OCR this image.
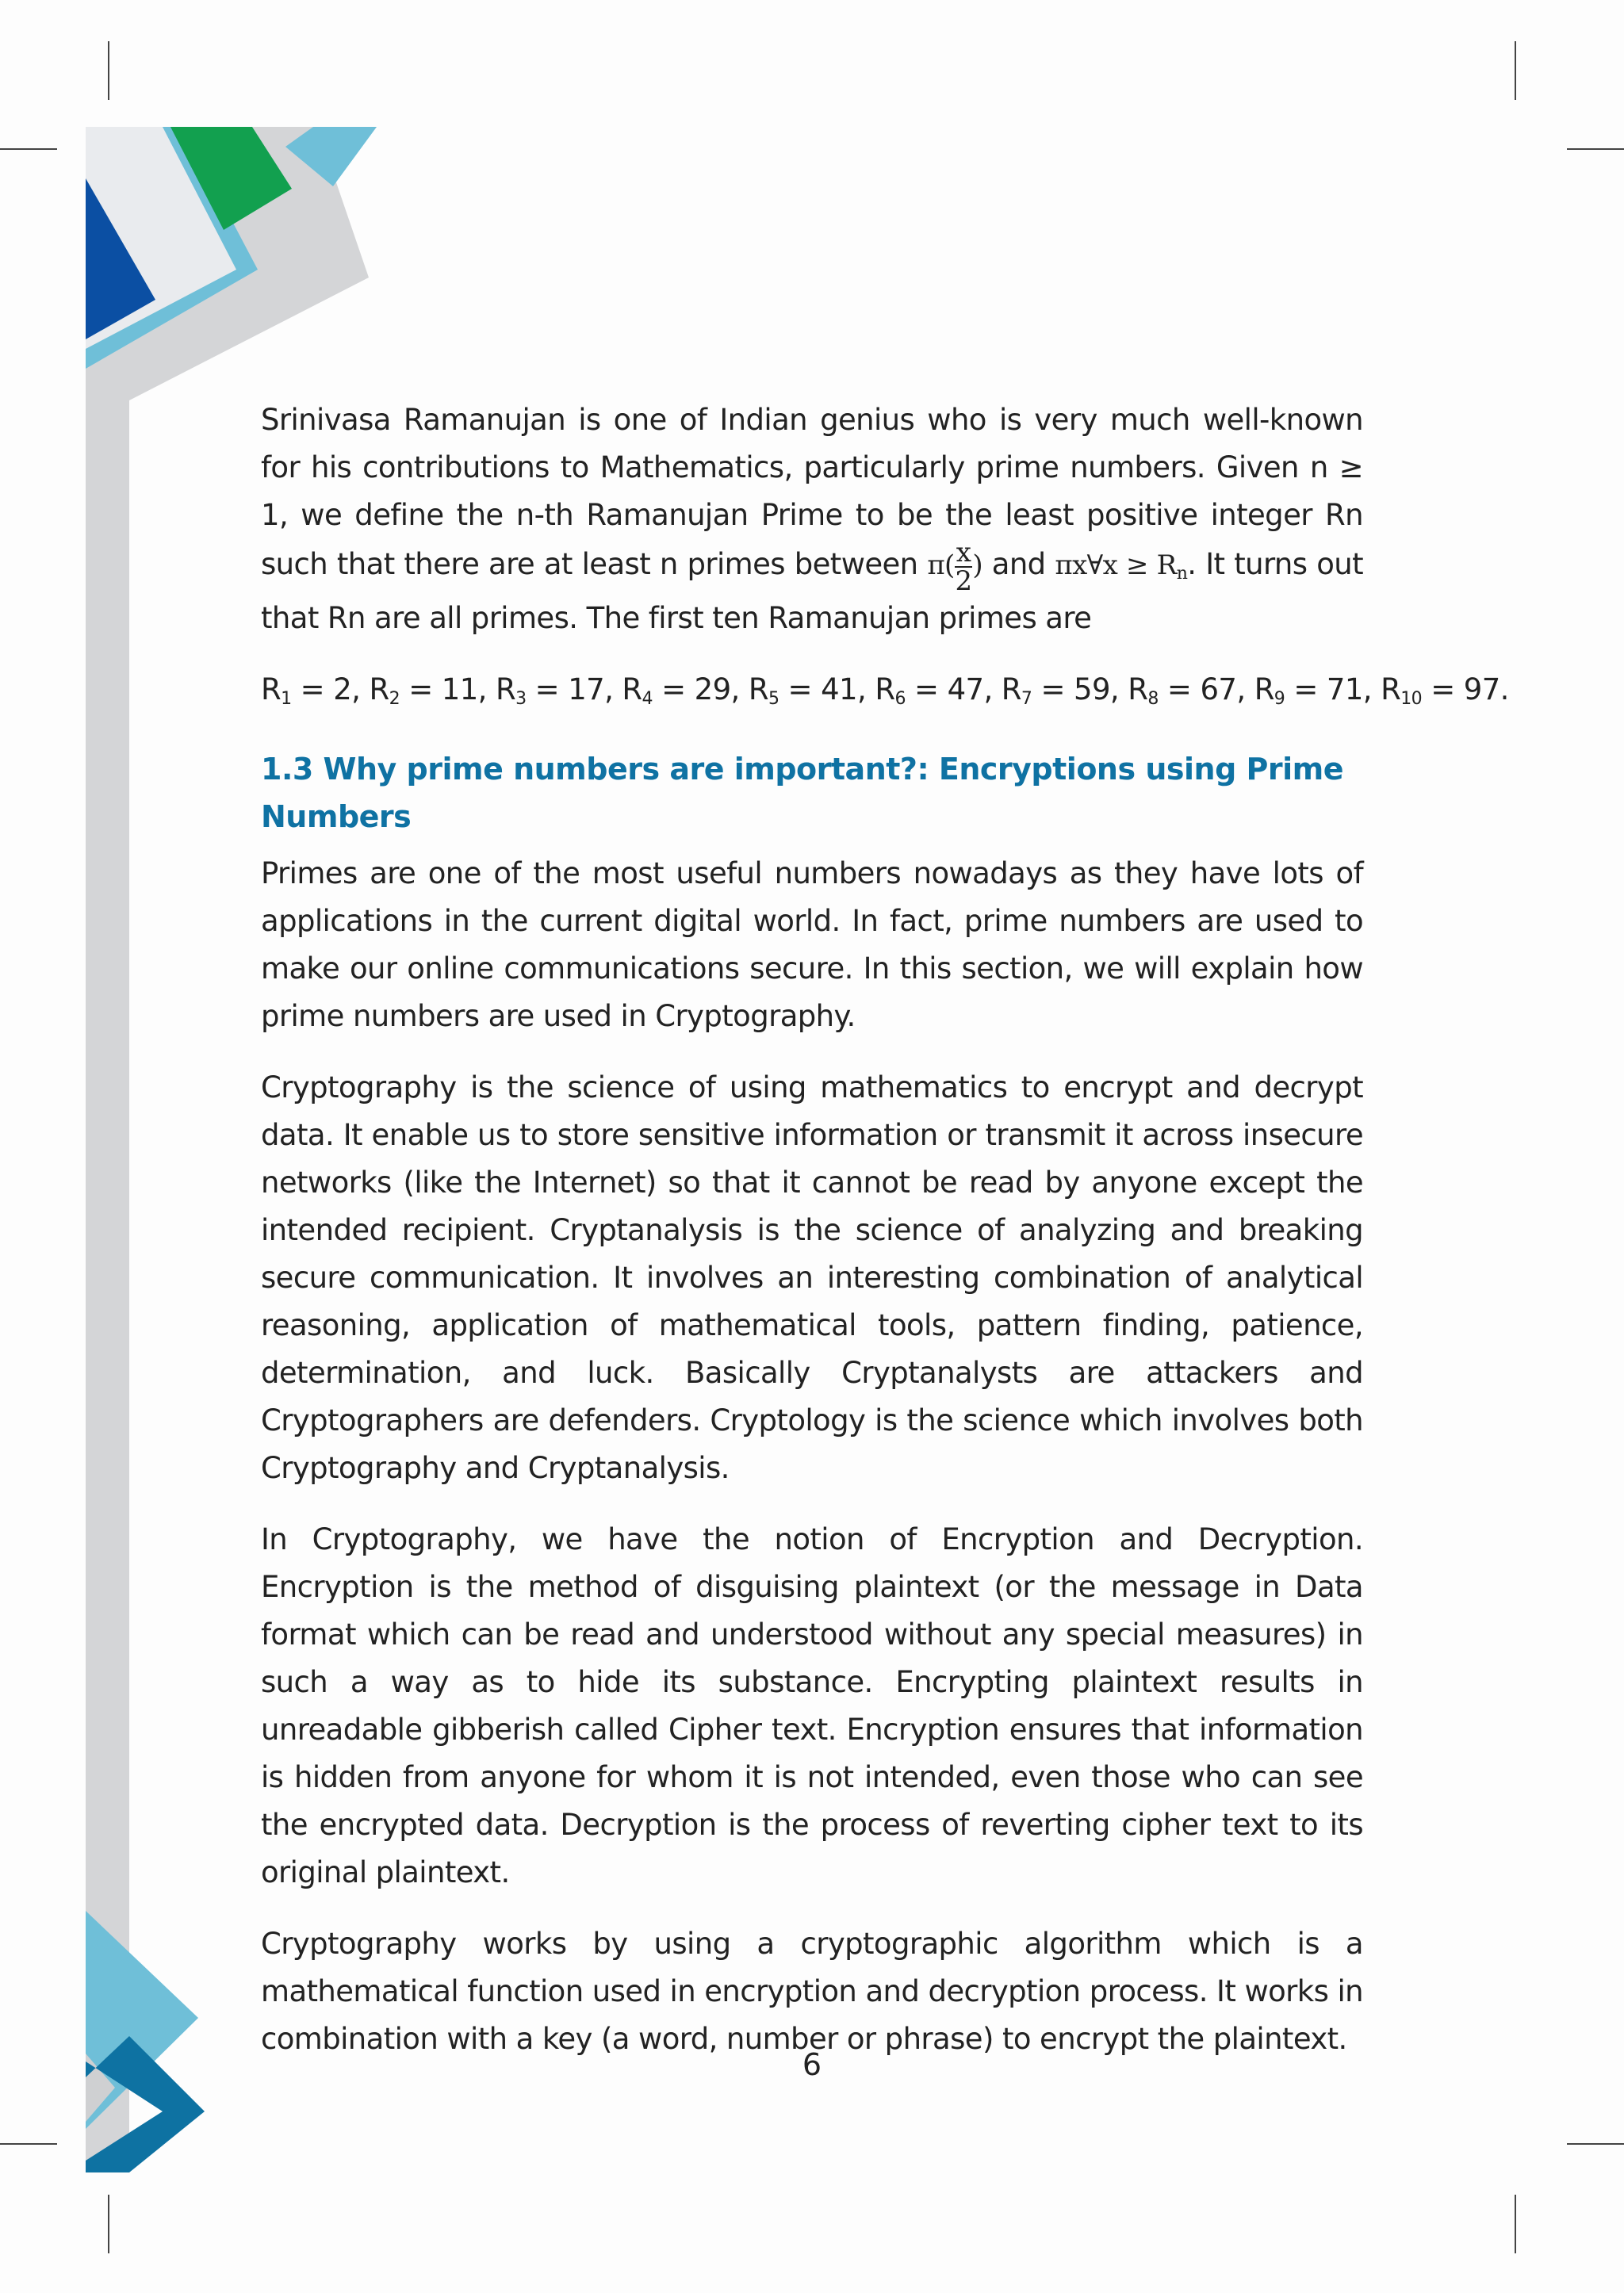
Srinivasa Ramanujan is one of Indian genius who is very much well-known for his contributions to Mathematics, particularly prime numbers. Given n ≥ 1, we define the n-th Ramanujan Prime to be the least positive integer Rn such that there are at least n primes between $\pi( \frac{x}{2}$ ) and πx∀x ≥ $R_n$. It turns out that Rn are all primes. The first ten Ramanujan primes are

$R_1 = 2$, $R_2 = 11$, $R_3 = 17$, $R_4 = 29$, $R_5 = 41$, $R_6 = 47$, $R_7 = 59$, $R_8 = 67$, $R_9 = 71$, $R_{10} = 97$.
1.3 Why prime numbers are important?: Encryptions using Prime Numbers

Primes are one of the most useful numbers nowadays as they have lots of applications in the current digital world. In fact, prime numbers are used to make our online communications secure. In this section, we will explain how prime numbers are used in Cryptography.

Cryptography is the science of using mathematics to encrypt and decrypt data. It enable us to store sensitive information or transmit it across insecure networks (like the Internet) so that it cannot be read by anyone except the intended recipient. Cryptanalysis is the science of analyzing and breaking secure communication. It involves an interesting combination of analytical reasoning, application of mathematical tools, pattern finding, patience, determination, and luck. Basically Cryptanalysts are attackers and Cryptographers are defenders. Cryptology is the science which involves both Cryptography and Cryptanalysis.

In Cryptography, we have the notion of Encryption and Decryption. Encryption is the method of disguising plaintext (or the message in Data format which can be read and understood without any special measures) in such a way as to hide its substance. Encrypting plaintext results in unreadable gibberish called Cipher text. Encryption ensures that information is hidden from anyone for whom it is not intended, even those who can see the encrypted data. Decryption is the process of reverting cipher text to its original plaintext.

Cryptography works by using a cryptographic algorithm which is a mathematical function used in encryption and decryption process. It works in combination with a key (a word, number or phrase) to encrypt the plaintext.

6
